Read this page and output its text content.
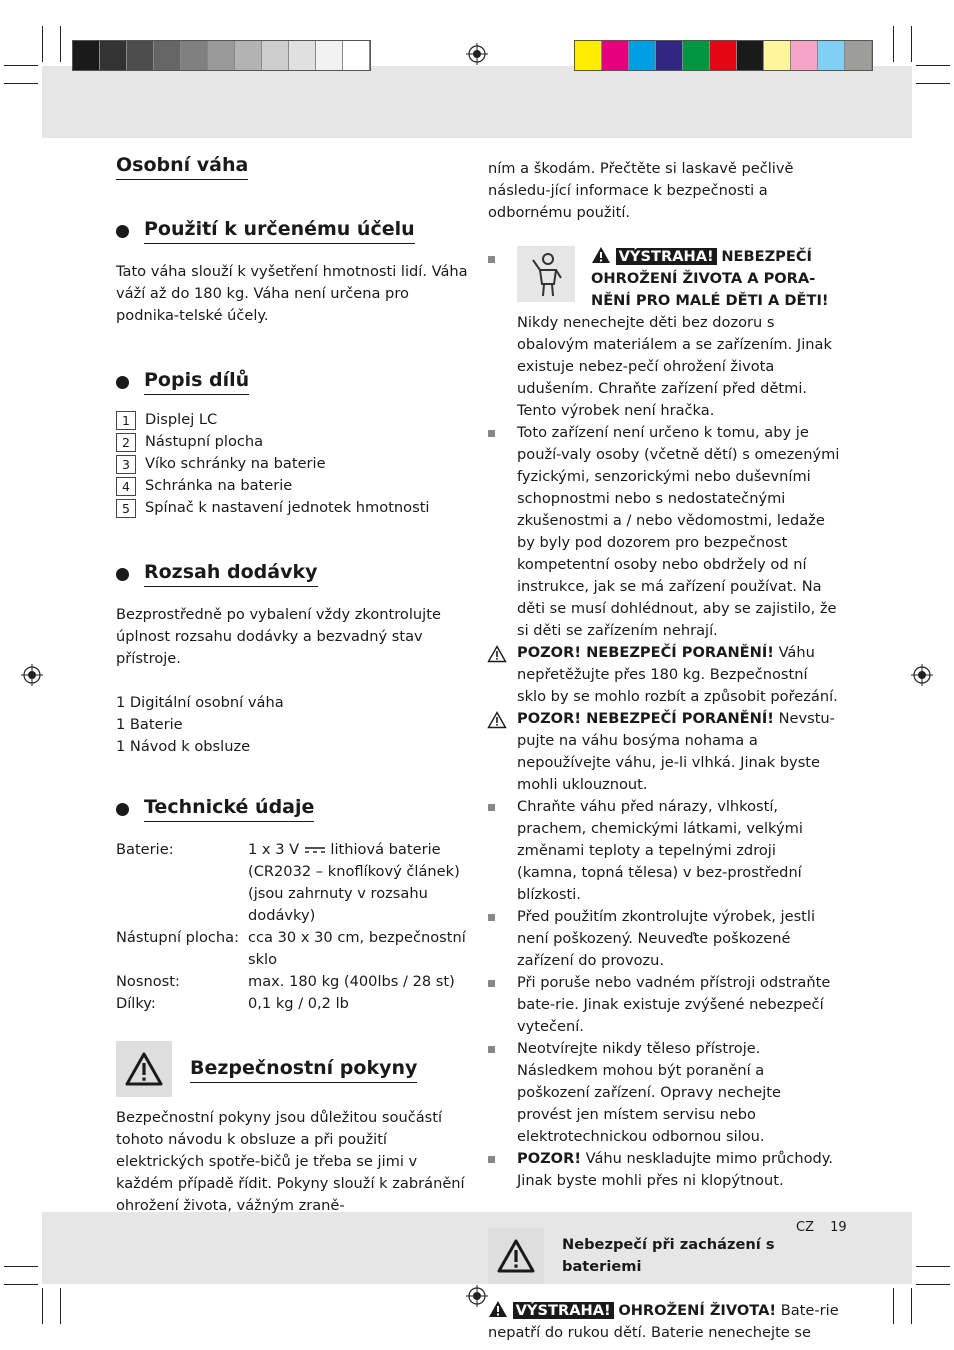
Osobní váha
Použití k určenému účelu

Tato váha slouží k vyšetření hmotnosti lidí. Váha váží až do 180 kg. Váha není určena pro podnika-telské účely.

Popis dílů
1	Displej LC
2	Nástupní plocha
3	Víko schránky na baterie
4	Schránka na baterie
5	Spínač k nastavení jednotek hmotnosti
Rozsah dodávky

Bezprostředně po vybalení vždy zkontrolujte úplnost rozsahu dodávky a bezvadný stav přístroje.

1 Digitální osobní váha
1 Baterie
1 Návod k obsluze
Technické údaje
Baterie:	1 x 3 V lithiová baterie (CR2032 – knoflíkový článek) (jsou zahrnuty v rozsahu dodávky)
Nástupní plocha: cca 30 x 30 cm, bezpečnostní sklo
Nosnost:	max. 180 kg (400lbs / 28 st)
Dílky:	0,1 kg / 0,2 lb
Bezpečnostní pokyny

Bezpečnostní pokyny jsou důležitou součástí tohoto návodu k obsluze a při použití elektrických spotře-bičů je třeba se jimi v každém případě řídit. Pokyny slouží k zabránění ohrožení života, vážným zraně-

ním a škodám. Přečtěte si laskavě pečlivě následu-jící informace k bezpečnosti a odbornému použití.

VÝSTRAHA! NEBEZPEČÍ OHROŽENÍ ŽIVOTA A PORA-NĚNÍ PRO MALÉ DĚTI A DĚTI!

Nikdy nenechejte děti bez dozoru s obalovým materiálem a se zařízením. Jinak existuje nebez-pečí ohrožení života udušením. Chraňte zařízení před dětmi. Tento výrobek není hračka.

Toto zařízení není určeno k tomu, aby je použí-valy osoby (včetně dětí) s omezenými fyzickými, senzorickými nebo duševními schopnostmi nebo s nedostatečnými zkušenostmi a / nebo vědomostmi, ledaže by byly pod dozorem pro bezpečnost kompetentní osoby nebo obdržely od ní instrukce, jak se má zařízení používat. Na děti se musí dohlédnout, aby se zajistilo, že si děti se zařízením nehrají.

POZOR! NEBEZPEČÍ PORANĚNÍ! Váhu nepřetěžujte přes 180 kg. Bezpečnostní sklo by se mohlo rozbít a způsobit pořezání.

POZOR! NEBEZPEČÍ PORANĚNÍ! Nevstu-pujte na váhu bosýma nohama a nepoužívejte váhu, je-li vlhká. Jinak byste mohli uklouznout.

Chraňte váhu před nárazy, vlhkostí, prachem, chemickými látkami, velkými změnami teploty a tepelnými zdroji (kamna, topná tělesa) v bez-prostřední blízkosti.

Před použitím zkontrolujte výrobek, jestli není poškozený. Neuveďte poškozené zařízení do provozu.

Při poruše nebo vadném přístroji odstraňte bate-rie. Jinak existuje zvýšené nebezpečí vytečení.

Neotvírejte nikdy těleso přístroje. Následkem mohou být poranění a poškození zařízení. Opravy nechejte provést jen místem servisu nebo elektrotechnickou odbornou silou.

POZOR! Váhu neskladujte mimo průchody. Jinak byste mohli přes ni klopýtnout.

Nebezpečí při zacházení s bateriemi
VÝSTRAHA! OHROŽENÍ ŽIVOTA! Bate-rie nepatří do rukou dětí. Baterie nenechejte se
CZ 19
